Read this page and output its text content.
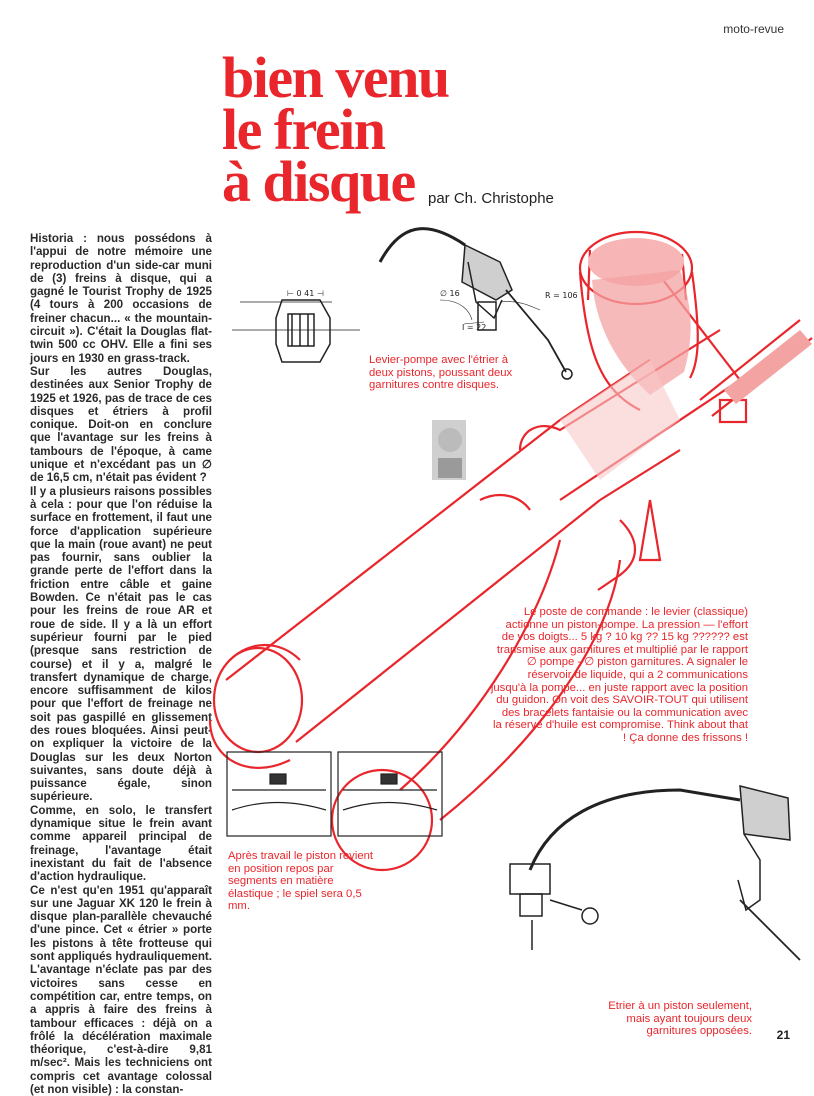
moto-revue
bien venu
le frein
à disque par Ch. Christophe

Historia : nous possédons à l'appui de notre mémoire une reproduction d'un side-car muni de (3) freins à disque, qui a gagné le Tourist Trophy de 1925 (4 tours à 200 occasions de freiner chacun... « the mountain-circuit »). C'était la Douglas flat-twin 500 cc OHV. Elle a fini ses jours en 1930 en grass-track.

Sur les autres Douglas, destinées aux Senior Trophy de 1925 et 1926, pas de trace de ces disques et étriers à profil conique. Doit-on en conclure que l'avantage sur les freins à tambours de l'époque, à came unique et n'excédant pas un ∅ de 16,5 cm, n'était pas évident ?

Il y a plusieurs raisons possibles à cela : pour que l'on réduise la surface en frottement, il faut une force d'application supérieure que la main (roue avant) ne peut pas fournir, sans oublier la grande perte de l'effort dans la friction entre câble et gaine Bowden. Ce n'était pas le cas pour les freins de roue AR et roue de side. Il y a là un effort supérieur fourni par le pied (presque sans restriction de course) et il y a, malgré le transfert dynamique de charge, encore suffisamment de kilos pour que l'effort de freinage ne soit pas gaspillé en glissement des roues bloquées. Ainsi peut-on expliquer la victoire de la Douglas sur les deux Norton suivantes, sans doute déjà à puissance égale, sinon supérieure.

Comme, en solo, le transfert dynamique situe le frein avant comme appareil principal de freinage, l'avantage était inexistant du fait de l'absence d'action hydraulique.

Ce n'est qu'en 1951 qu'apparaît sur une Jaguar XK 120 le frein à disque plan-parallèle chevauché d'une pince. Cet « étrier » porte les pistons à tête frotteuse qui sont appliqués hydrauliquement. L'avantage n'éclate pas par des victoires sans cesse en compétition car, entre temps, on a appris à faire des freins à tambour efficaces : déjà on a frôlé la décélération maximale théorique, c'est-à-dire 9,81 m/sec². Mais les techniciens ont compris cet avantage colossal (et non visible) : la constan-

⊢ 0 41 ⊣	∅ 16	R = 106
I = 22
Levier-pompe avec l'étrier à deux pistons, poussant deux garnitures contre disques.
Le poste de commande : le levier (classique) actionne un piston-pompe. La pression — l'effort de vos doigts... 5 kg ? 10 kg ?? 15 kg ?????? est transmise aux garnitures et multiplié par le rapport ∅ pompe - ∅ piston garnitures. A signaler le réservoir de liquide, qui a 2 communications jusqu'à la pompe... en juste rapport avec la position du guidon. On voit des SAVOIR-TOUT qui utilisent des bracelets fantaisie ou la communication avec la réserve d'huile est compromise. Think about that ! Ça donne des frissons !
Après travail le piston revient en position repos par segments en matière élastique ; le spiel sera 0,5 mm.
Etrier à un piston seulement, mais ayant toujours deux garnitures opposées. 21
